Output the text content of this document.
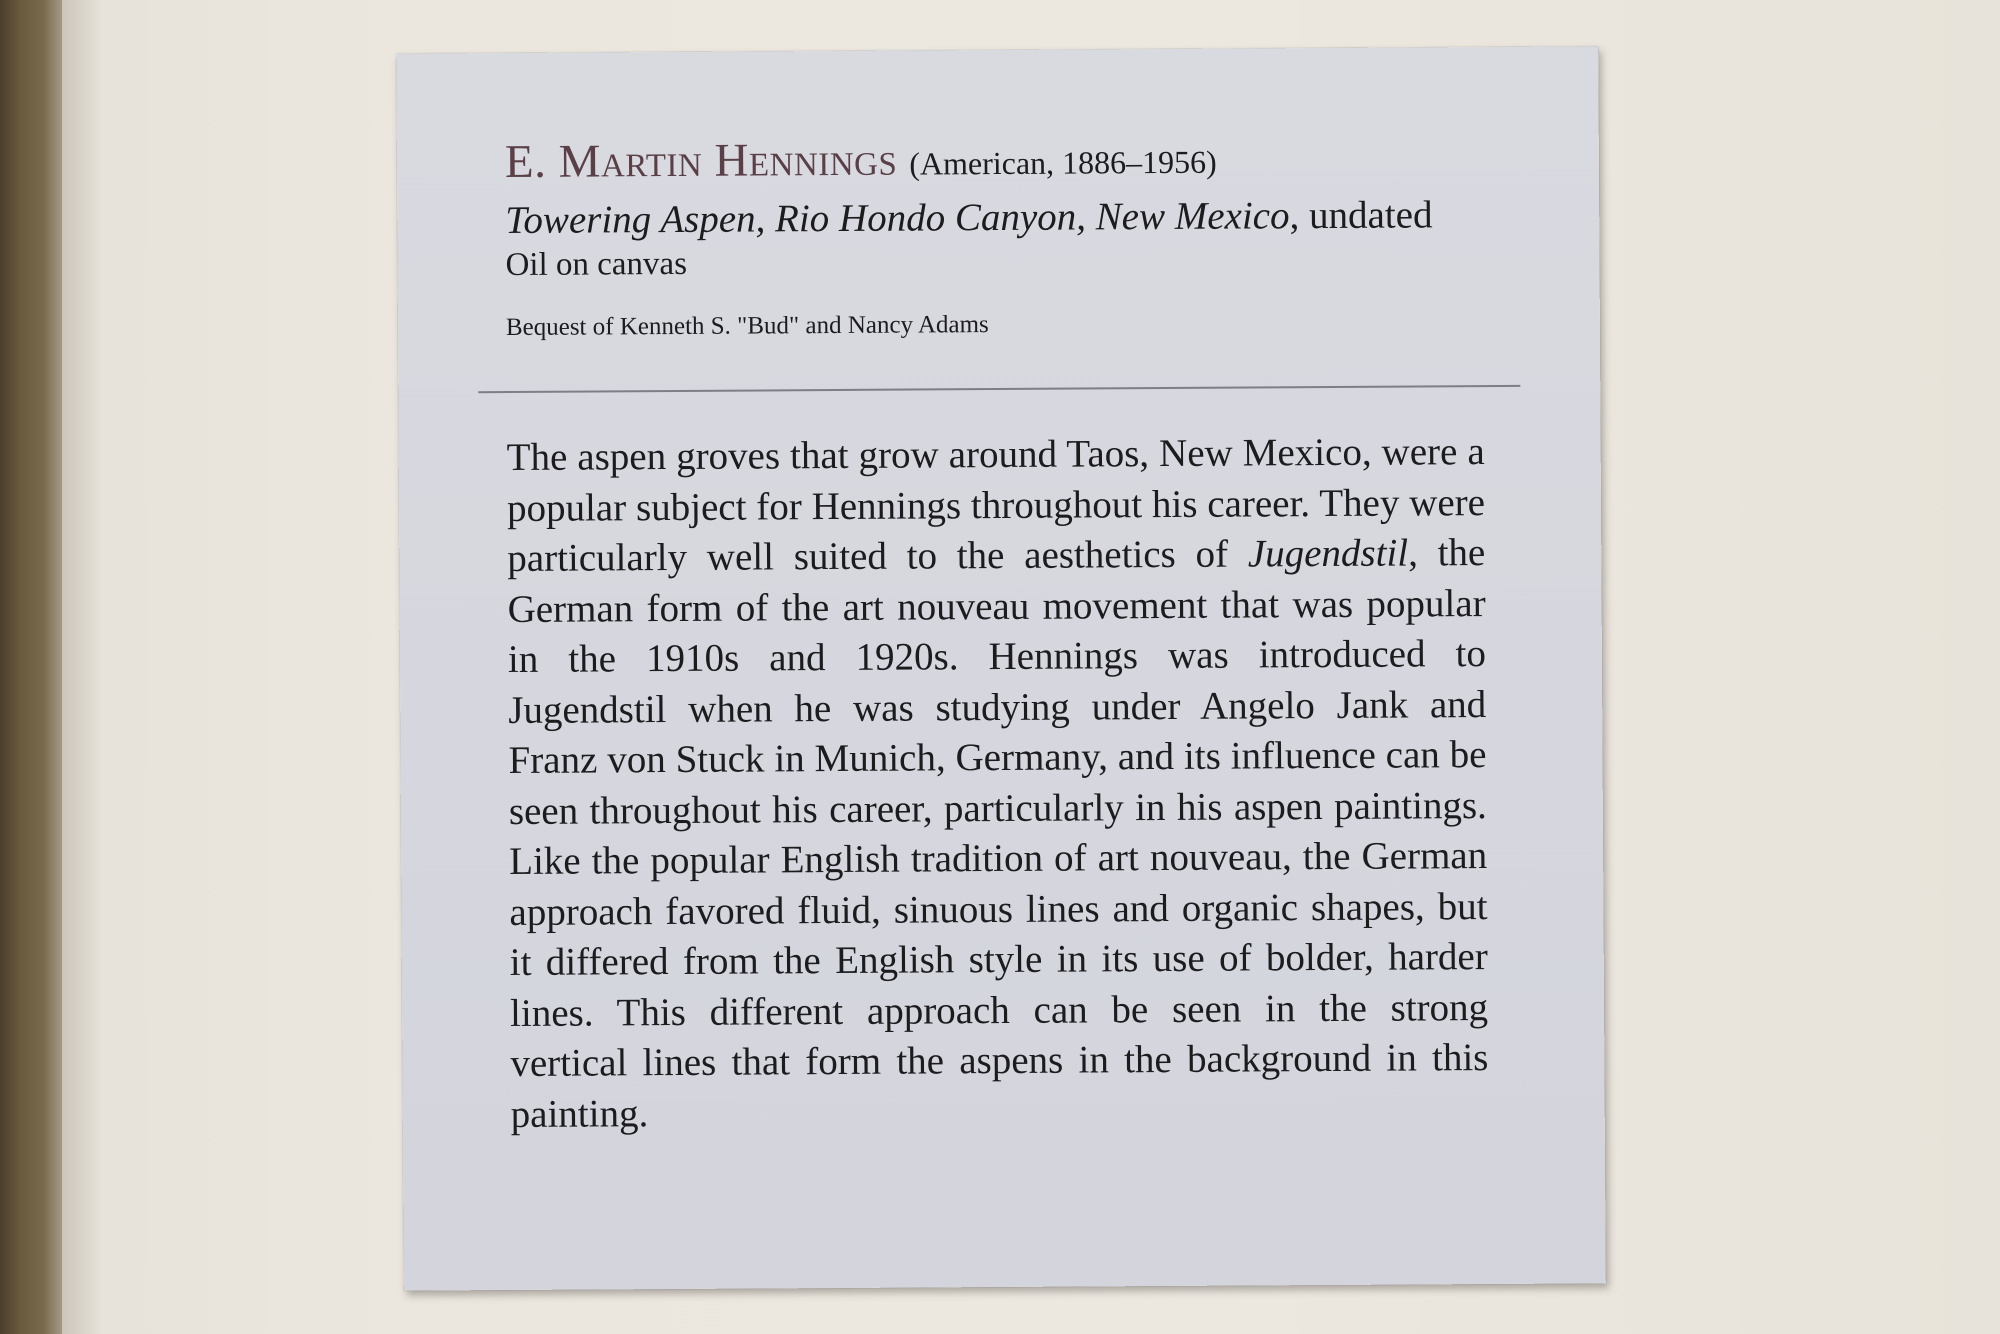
E. Martin Hennings (American, 1886–1956)

Towering Aspen, Rio Hondo Canyon, New Mexico, undated

Oil on canvas

Bequest of Kenneth S. "Bud" and Nancy Adams

The aspen groves that grow around Taos, New Mexico, were a popular subject for Hennings throughout his career. They were particularly well suited to the aesthetics of Jugendstil, the German form of the art nouveau movement that was popular in the 1910s and 1920s. Hennings was introduced to Jugendstil when he was studying under Angelo Jank and Franz von Stuck in Munich, Germany, and its influence can be seen throughout his career, particularly in his aspen paintings. Like the popular English tradition of art nouveau, the German approach favored fluid, sinuous lines and organic shapes, but it differed from the English style in its use of bolder, harder lines. This different approach can be seen in the strong vertical lines that form the aspens in the background in this painting.
